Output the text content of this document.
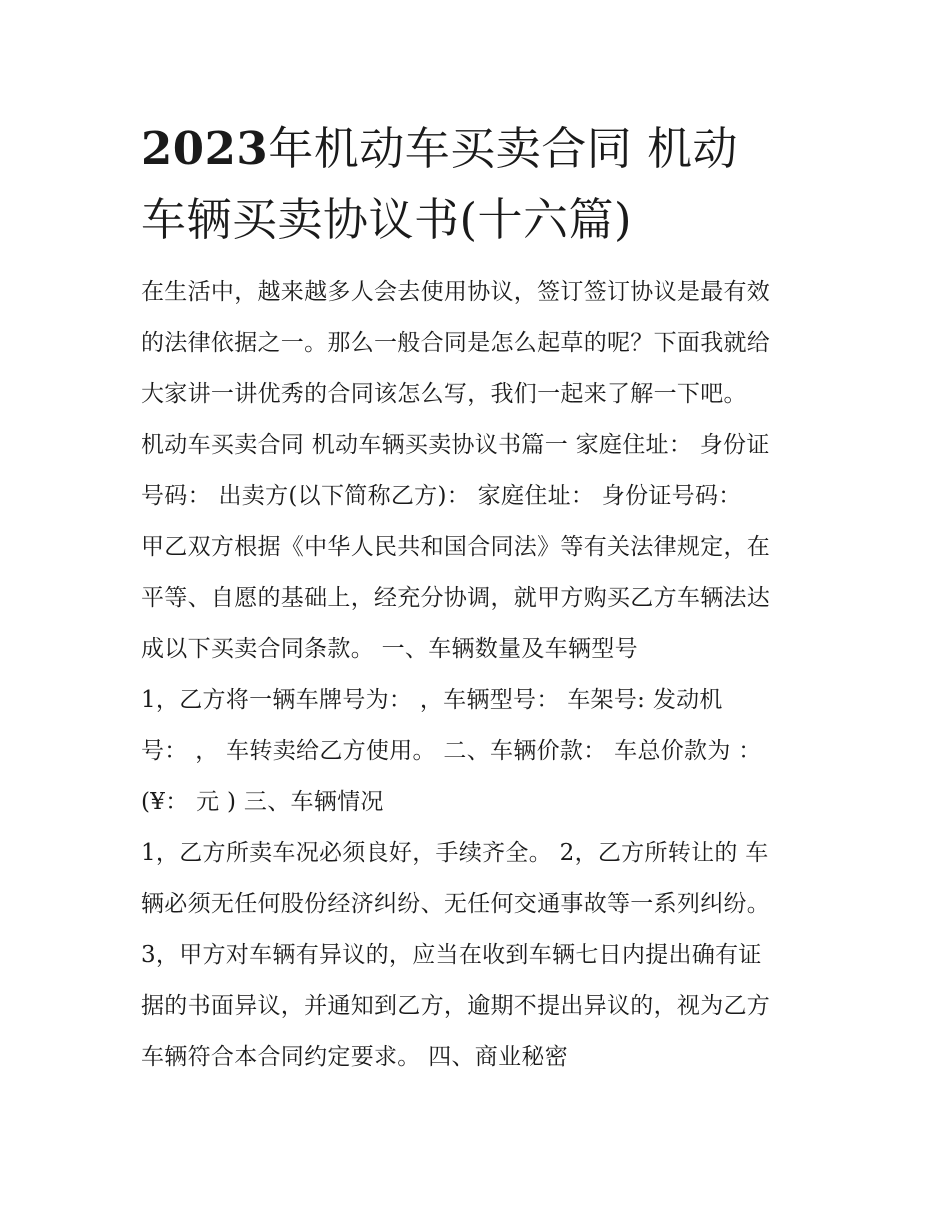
2023年机动车买卖合同 机动
车辆买卖协议书(十六篇)
在生活中，越来越多人会去使用协议，签订签订协议是最有效
的法律依据之一。那么一般合同是怎么起草的呢？下面我就给
大家讲一讲优秀的合同该怎么写，我们一起来了解一下吧。
机动车买卖合同 机动车辆买卖协议书篇一 家庭住址： 身份证
号码： 出卖方(以下简称乙方)： 家庭住址： 身份证号码：
甲乙双方根据《中华人民共和国合同法》等有关法律规定，在
平等、自愿的基础上，经充分协调，就甲方购买乙方车辆法达
成以下买卖合同条款。 一、车辆数量及车辆型号
1，乙方将一辆车牌号为： ，车辆型号： 车架号: 发动机
号： ， 车转卖给乙方使用。 二、车辆价款： 车总价款为 ：
(¥： 元 ) 三、车辆情况
1，乙方所卖车况必须良好，手续齐全。 2，乙方所转让的 车
辆必须无任何股份经济纠纷、无任何交通事故等一系列纠纷。
3，甲方对车辆有异议的，应当在收到车辆七日内提出确有证
据的书面异议，并通知到乙方，逾期不提出异议的，视为乙方
车辆符合本合同约定要求。 四、商业秘密
